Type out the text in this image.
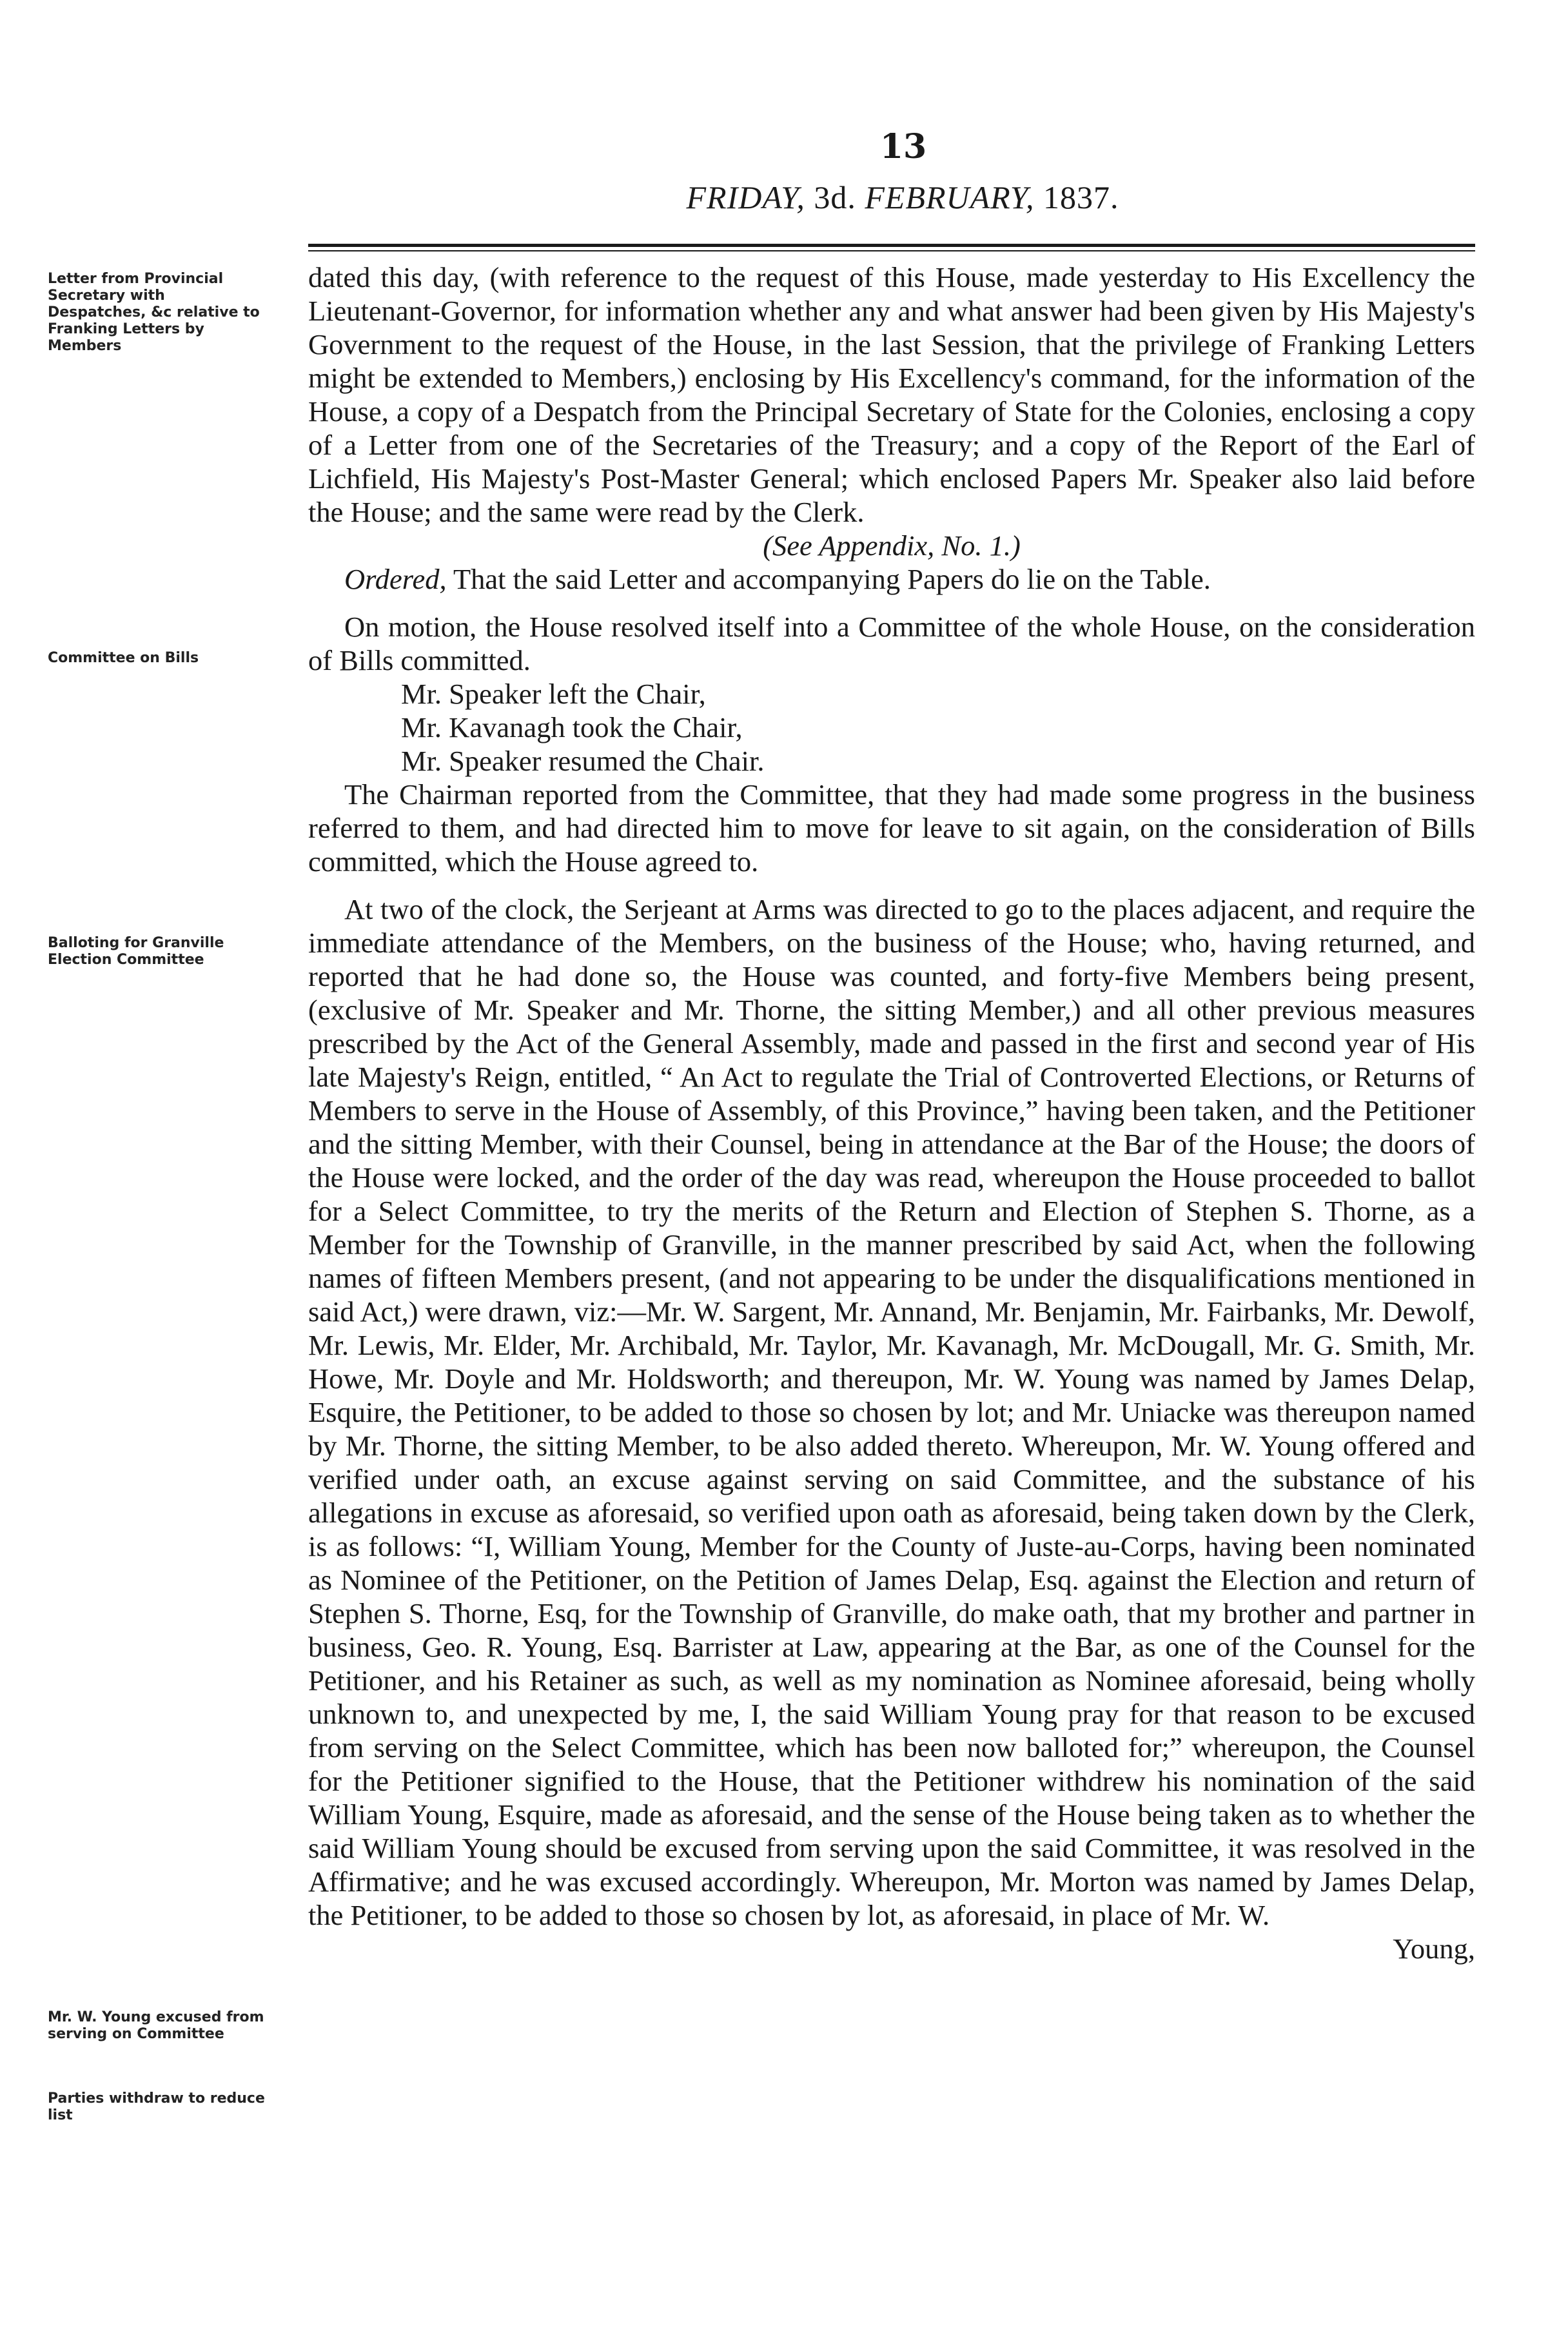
13
FRIDAY, 3d. FEBRUARY, 1837.
Letter from Provincial Secretary with Despatches, &c relative to Franking Letters by Members
Committee on Bills
Balloting for Granville Election Committee
Mr. W. Young excused from serving on Committee
Parties withdraw to reduce list

dated this day, (with reference to the request of this House, made yesterday to His Excellency the Lieutenant-Governor, for information whether any and what answer had been given by His Majesty's Government to the request of the House, in the last Session, that the privilege of Franking Letters might be extended to Members,) enclosing by His Excellency's command, for the information of the House, a copy of a Despatch from the Principal Secretary of State for the Colonies, enclosing a copy of a Letter from one of the Secretaries of the Treasury; and a copy of the Report of the Earl of Lichfield, His Majesty's Post-Master General; which enclosed Papers Mr. Speaker also laid before the House; and the same were read by the Clerk.

(See Appendix, No. 1.)

Ordered, That the said Letter and accompanying Papers do lie on the Table.

On motion, the House resolved itself into a Committee of the whole House, on the consideration of Bills committed.

Mr. Speaker left the Chair,

Mr. Kavanagh took the Chair,

Mr. Speaker resumed the Chair.

The Chairman reported from the Committee, that they had made some progress in the business referred to them, and had directed him to move for leave to sit again, on the consideration of Bills committed, which the House agreed to.

At two of the clock, the Serjeant at Arms was directed to go to the places adjacent, and require the immediate attendance of the Members, on the business of the House; who, having returned, and reported that he had done so, the House was counted, and forty-five Members being present, (exclusive of Mr. Speaker and Mr. Thorne, the sitting Member,) and all other previous measures prescribed by the Act of the General Assembly, made and passed in the first and second year of His late Majesty's Reign, entitled, “ An Act to regulate the Trial of Controverted Elections, or Returns of Members to serve in the House of Assembly, of this Province,” having been taken, and the Petitioner and the sitting Member, with their Counsel, being in attendance at the Bar of the House; the doors of the House were locked, and the order of the day was read, whereupon the House proceeded to ballot for a Select Committee, to try the merits of the Return and Election of Stephen S. Thorne, as a Member for the Township of Granville, in the manner prescribed by said Act, when the following names of fifteen Members present, (and not appearing to be under the disqualifications mentioned in said Act,) were drawn, viz:—Mr. W. Sargent, Mr. Annand, Mr. Benjamin, Mr. Fairbanks, Mr. Dewolf, Mr. Lewis, Mr. Elder, Mr. Archibald, Mr. Taylor, Mr. Kavanagh, Mr. McDougall, Mr. G. Smith, Mr. Howe, Mr. Doyle and Mr. Holdsworth; and thereupon, Mr. W. Young was named by James Delap, Esquire, the Petitioner, to be added to those so chosen by lot; and Mr. Uniacke was thereupon named by Mr. Thorne, the sitting Member, to be also added thereto. Whereupon, Mr. W. Young offered and verified under oath, an excuse against serving on said Committee, and the substance of his allegations in excuse as aforesaid, so verified upon oath as aforesaid, being taken down by the Clerk, is as follows: “I, William Young, Member for the County of Juste-au-Corps, having been nominated as Nominee of the Petitioner, on the Petition of James Delap, Esq. against the Election and return of Stephen S. Thorne, Esq, for the Township of Granville, do make oath, that my brother and partner in business, Geo. R. Young, Esq. Barrister at Law, appearing at the Bar, as one of the Counsel for the Petitioner, and his Retainer as such, as well as my nomination as Nominee aforesaid, being wholly unknown to, and unexpected by me, I, the said William Young pray for that reason to be excused from serving on the Select Committee, which has been now balloted for;” whereupon, the Counsel for the Petitioner signified to the House, that the Petitioner withdrew his nomination of the said William Young, Esquire, made as aforesaid, and the sense of the House being taken as to whether the said William Young should be excused from serving upon the said Committee, it was resolved in the Affirmative; and he was excused accordingly. Whereupon, Mr. Morton was named by James Delap, the Petitioner, to be added to those so chosen by lot, as aforesaid, in place of Mr. W.

Young,
